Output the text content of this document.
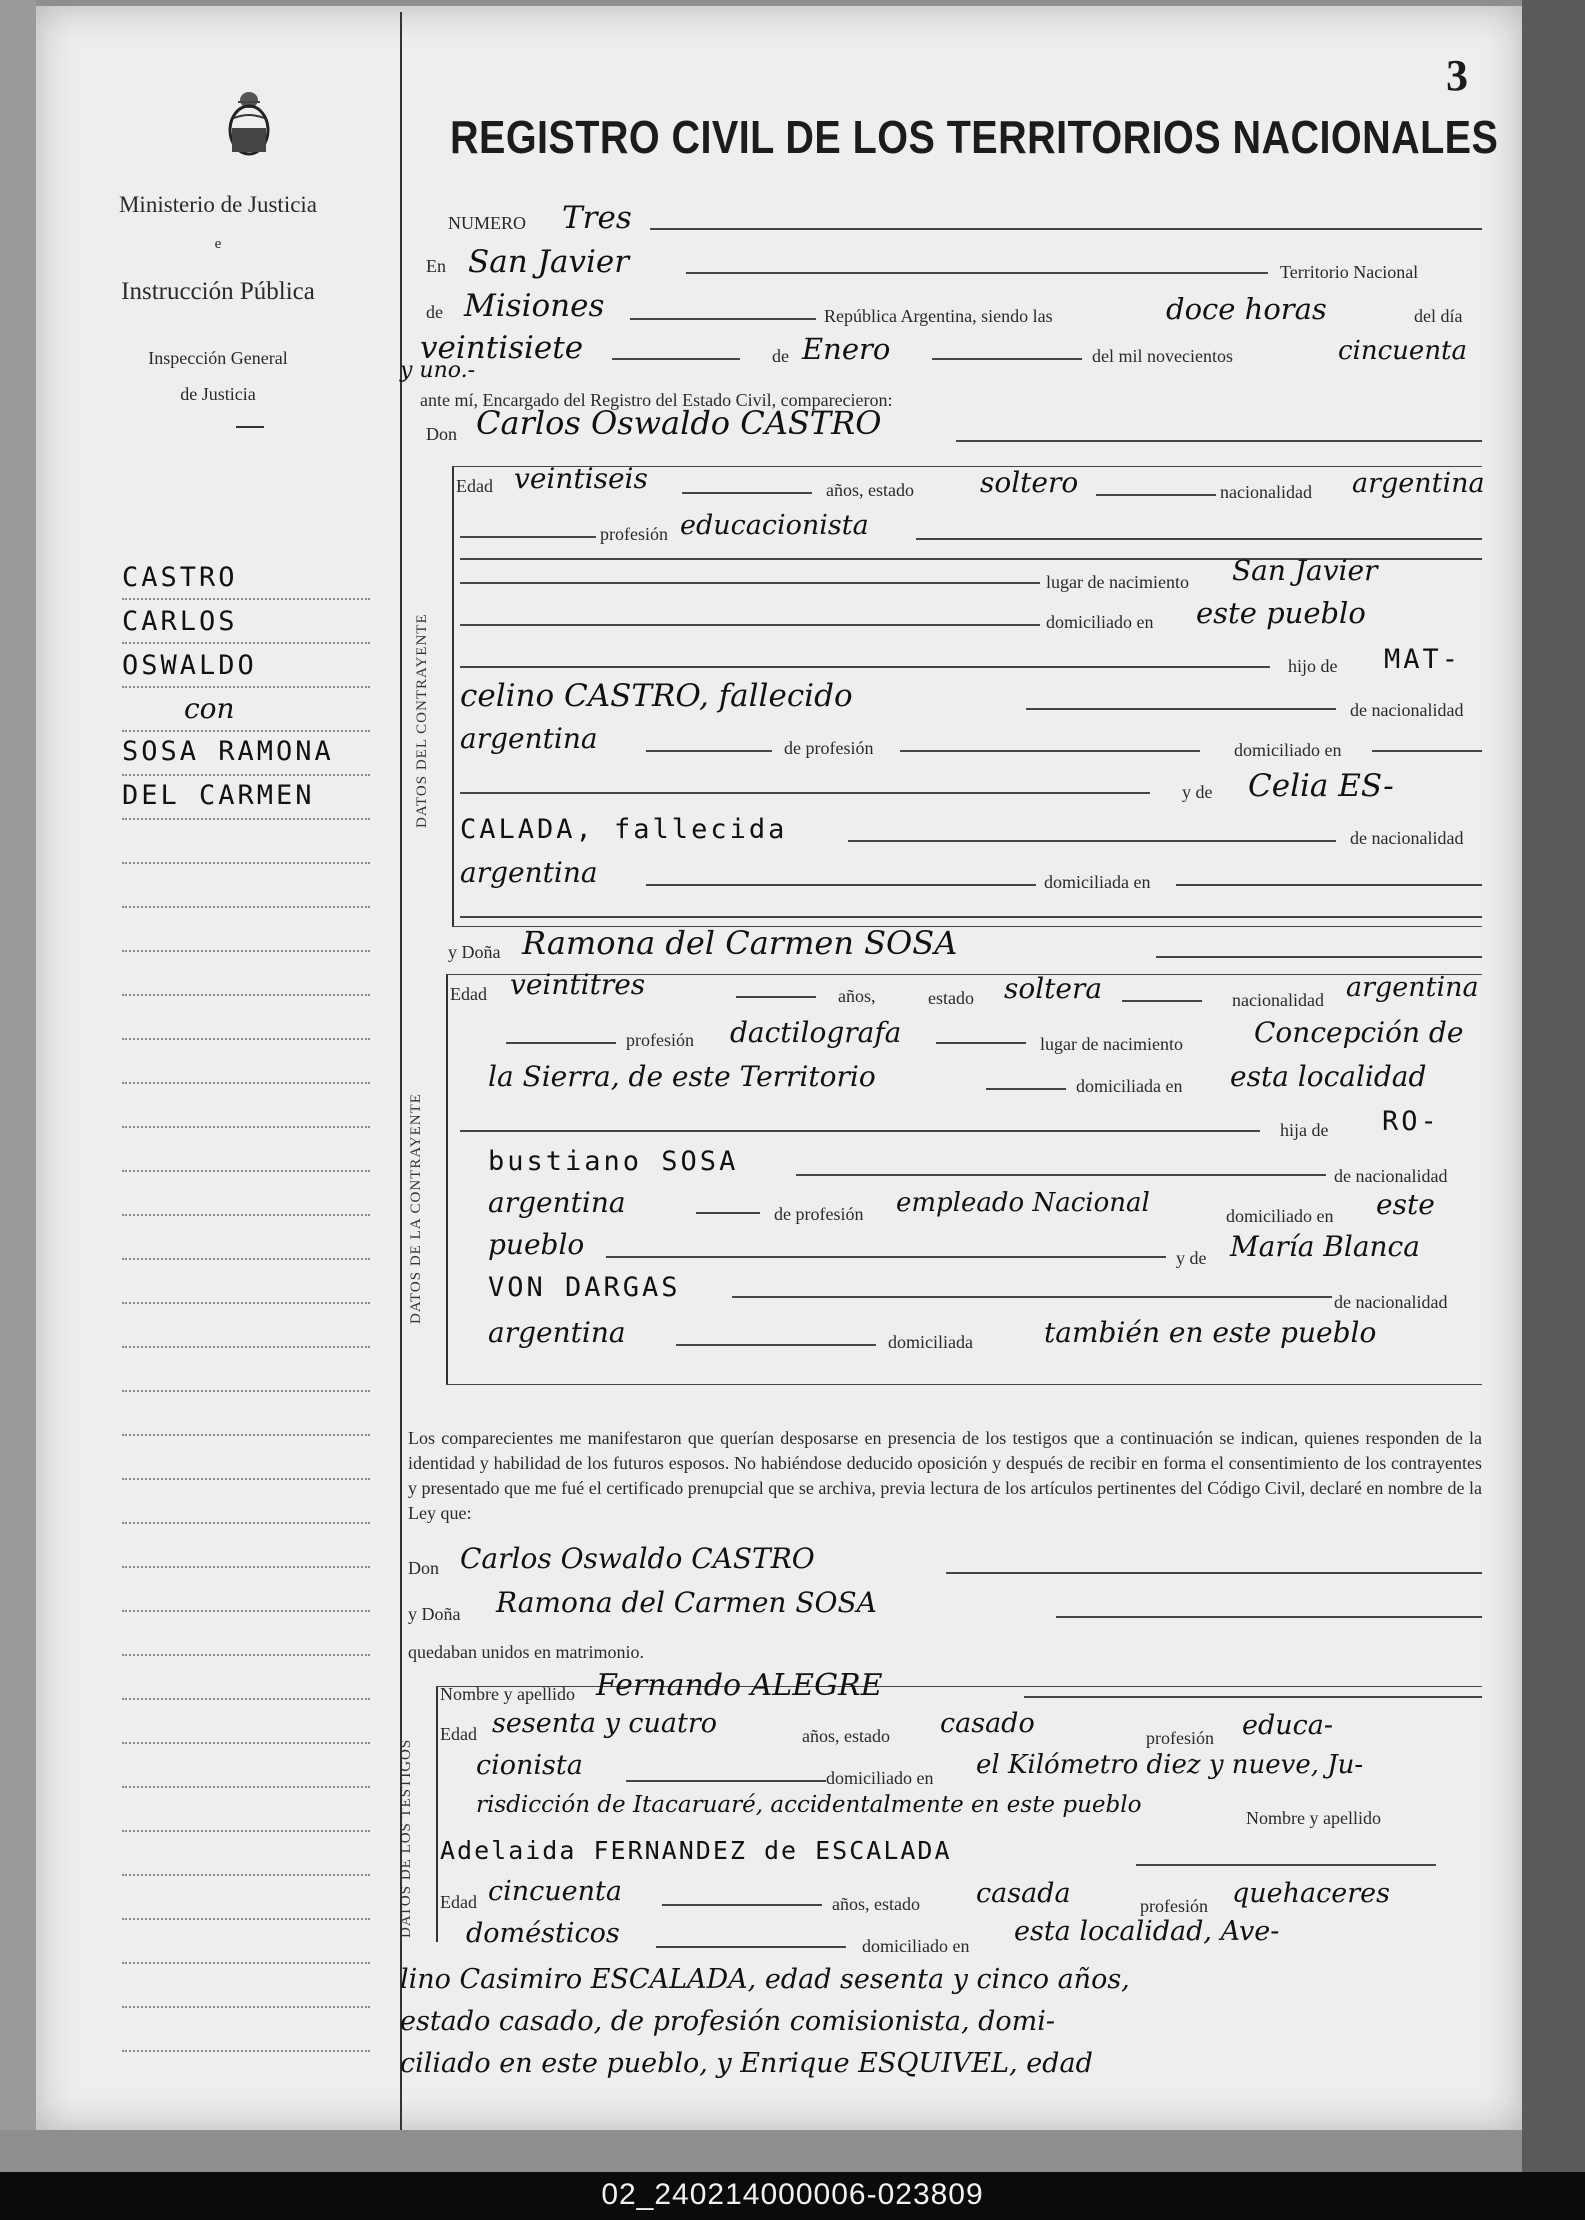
Ministerio de Justicia
e
Instrucción Pública
Inspección General
de Justicia
CASTRO
CARLOS
OSWALDO
con
SOSA RAMONA
DEL CARMEN
3
REGISTRO CIVIL DE LOS TERRITORIOS NACIONALES
NUMERO Tres
En San Javier	Territorio Nacional
de Misiones	República Argentina, siendo las	doce horas	del día
veintisiete	de Enero	del mil novecientos	cincuenta
y uno.-
ante mí, Encargado del Registro del Estado Civil, comparecieron:
Don Carlos Oswaldo CASTRO
DATOS DEL CONTRAYENTE
Edad veintiseis	años, estado soltero	nacionalidad argentina
profesión educacionista
lugar de nacimiento San Javier
domiciliado en este pueblo
hijo de MAT-
celino CASTRO, fallecido	de nacionalidad
argentina	de profesión	domiciliado en
y de Celia ES-
CALADA, fallecida	de nacionalidad
argentina	domiciliada en
y Doña Ramona del Carmen SOSA
DATOS DE LA CONTRAYENTE
Edad veintitres	años,	estado soltera	nacionalidad argentina
profesión dactilografa	lugar de nacimiento	Concepción de
la Sierra, de este Territorio	domiciliada en esta localidad
hija de RO-
bustiano SOSA	de nacionalidad
argentina	de profesión empleado Nacional	domiciliado en este
pueblo	y de María Blanca
VON DARGAS	de nacionalidad
argentina	domiciliada	también en este pueblo
Los comparecientes me manifestaron que querían desposarse en presencia de los testigos que a continuación se indican, quienes responden de la identidad y habilidad de los futuros esposos. No habiéndose deducido oposición y después de recibir en forma el consentimiento de los contrayentes y presentado que me fué el certificado prenupcial que se archiva, previa lectura de los artículos pertinentes del Código Civil, declaré en nombre de la Ley que:
Don Carlos Oswaldo CASTRO
y Doña Ramona del Carmen SOSA
quedaban unidos en matrimonio.
DATOS DE LOS TESTIGOS
Nombre y apellido Fernando ALEGRE
Edad sesenta y cuatro	años, estado casado	profesión educa-
cionista	domiciliado en el Kilómetro diez y nueve, Ju-
risdicción de Itacaruaré, accidentalmente en este pueblo	Nombre y apellido
Adelaida FERNANDEZ de ESCALADA
Edad cincuenta	años, estado casada	profesión quehaceres
domésticos	domiciliado en esta localidad, Ave-
lino Casimiro ESCALADA, edad sesenta y cinco años,
estado casado, de profesión comisionista, domi-
ciliado en este pueblo, y Enrique ESQUIVEL, edad
02_240214000006-023809
